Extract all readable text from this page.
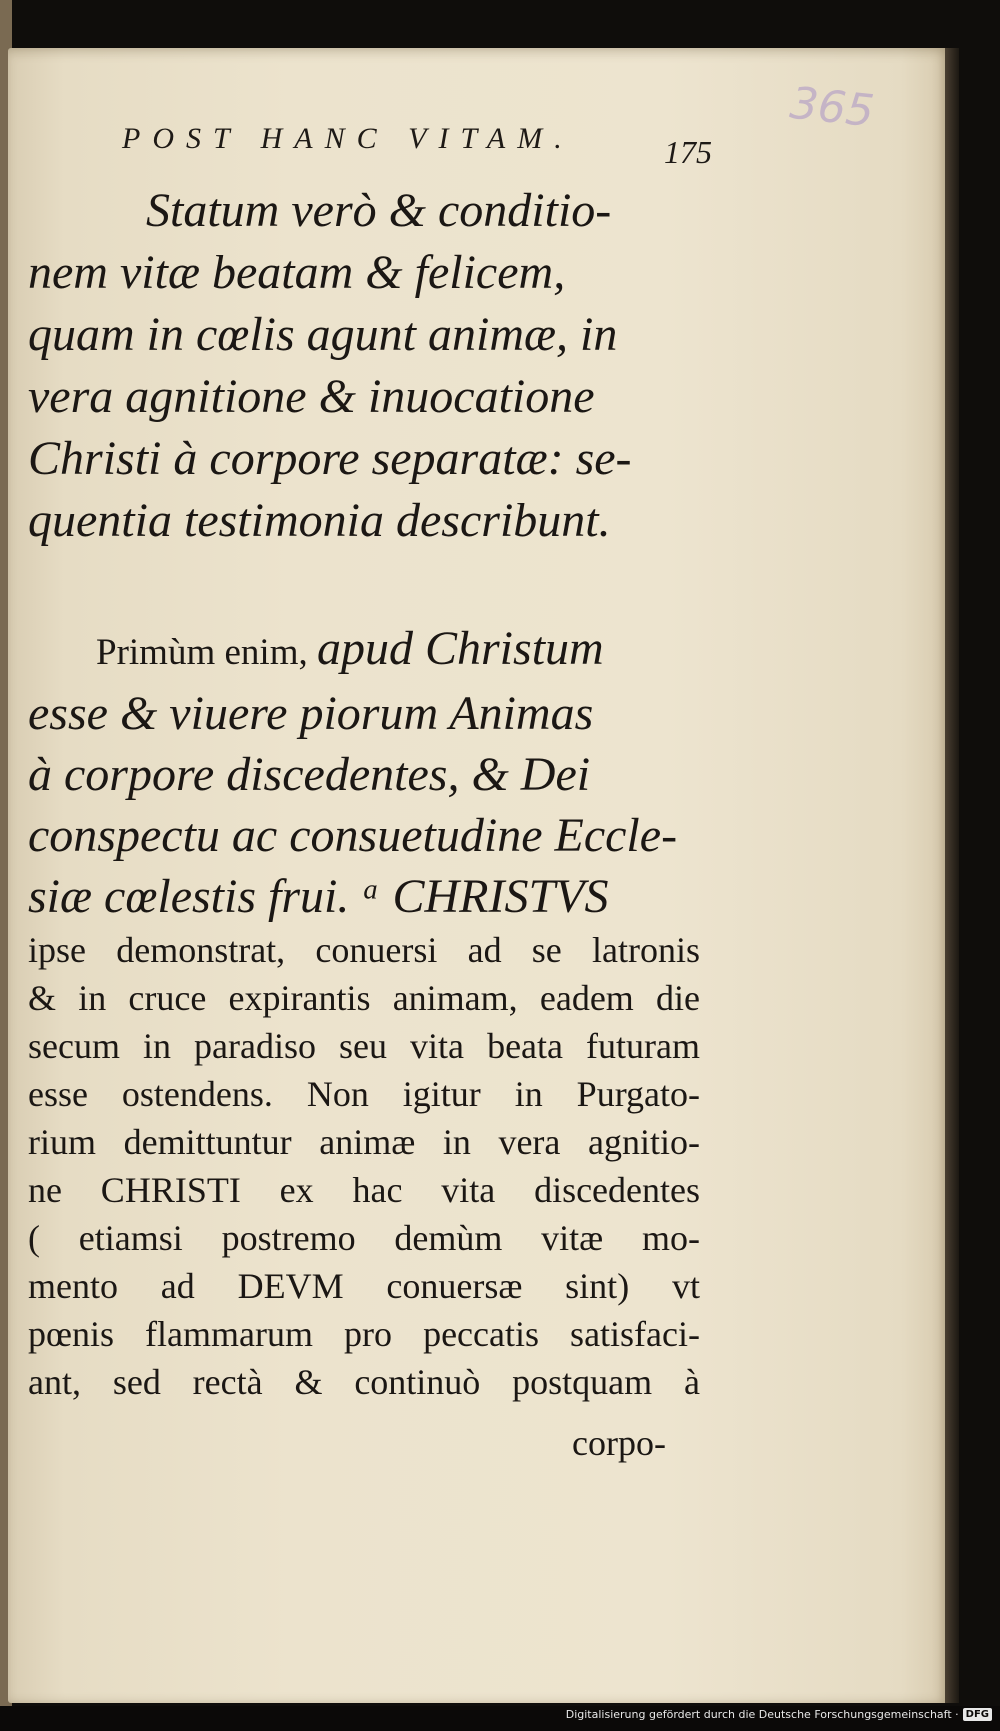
365
POST HANC VITAM.	175
Statum verò & conditio-
nem vitæ beatam & felicem,
quam in cœlis agunt animæ, in
vera agnitione & inuocatione
Christi à corpore separatæ: se-
quentia testimonia describunt.
Primùm enim, apud Christum
esse & viuere piorum Animas
à corpore discedentes, & Dei
conspectu ac consuetudine Eccle-
siæ cœlestis frui. ᵃ CHRISTVS
ipse demonstrat, conuersi ad se latronis
& in cruce expirantis animam, eadem die
secum in paradiso seu vita beata futuram
esse ostendens. Non igitur in Purgato-
rium demittuntur animæ in vera agnitio-
ne CHRISTI ex hac vita discedentes
( etiamsi postremo demùm vitæ mo-
mento ad DEVM conuersæ sint) vt
pœnis flammarum pro peccatis satisfaci-
ant, sed rectà & continuò postquam à
corpo-
Digitalisierung gefördert durch die Deutsche Forschungsgemeinschaft · DFG
